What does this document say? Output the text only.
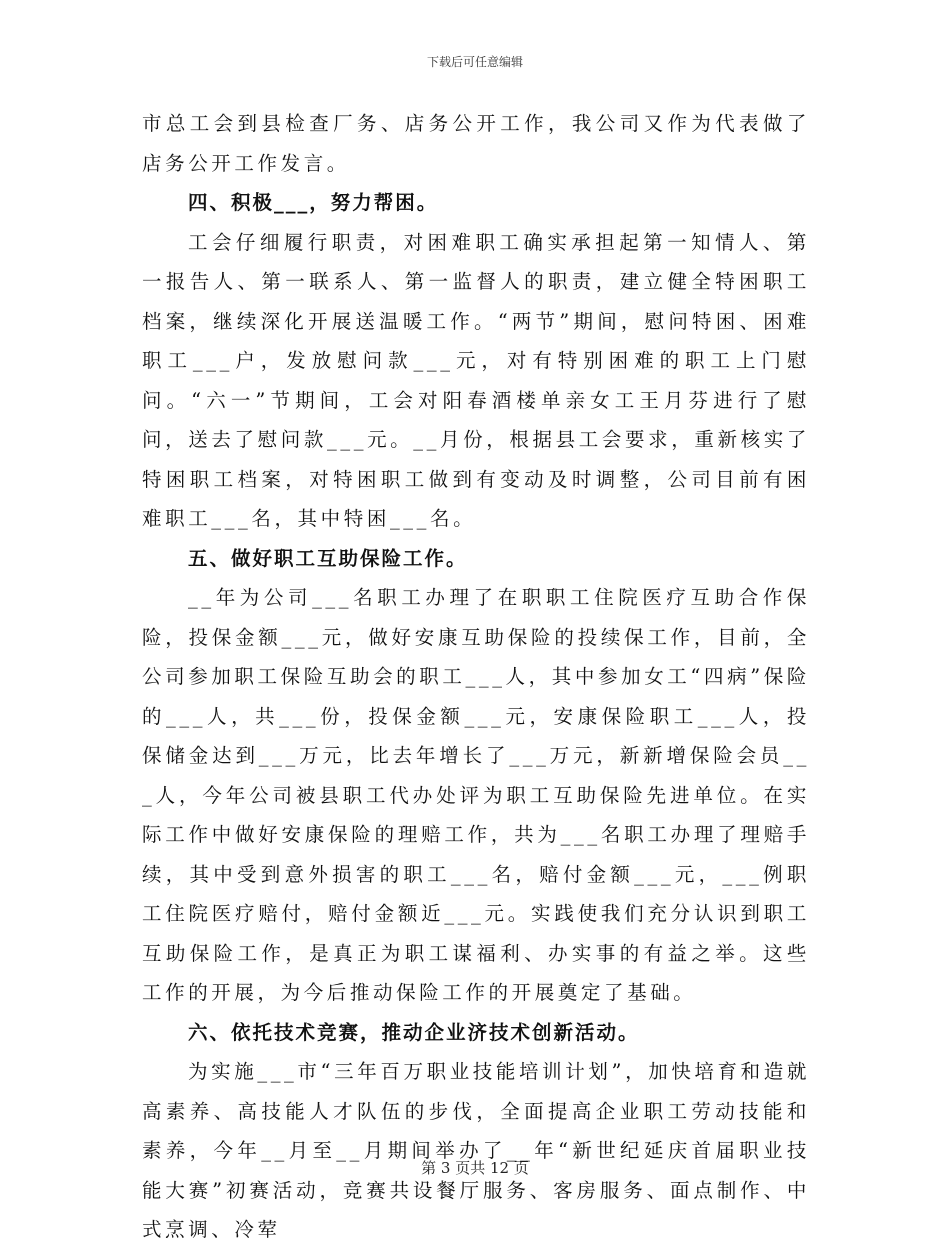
下载后可任意编辑

市总工会到县检查厂务、店务公开工作，我公司又作为代表做了店务公开工作发言。

四、积极___，努力帮困。

工会仔细履行职责，对困难职工确实承担起第一知情人、第一报告人、第一联系人、第一监督人的职责，建立健全特困职工档案，继续深化开展送温暖工作。“两节”期间，慰问特困、困难职工___户，发放慰问款___元，对有特别困难的职工上门慰问。“六一”节期间，工会对阳春酒楼单亲女工王月芬进行了慰问，送去了慰问款___元。__月份，根据县工会要求，重新核实了特困职工档案，对特困职工做到有变动及时调整，公司目前有困难职工___名，其中特困___名。

五、做好职工互助保险工作。

__年为公司___名职工办理了在职职工住院医疗互助合作保险，投保金额___元，做好安康互助保险的投续保工作，目前，全公司参加职工保险互助会的职工___人，其中参加女工“四病”保险的___人，共___份，投保金额___元，安康保险职工___人，投保储金达到___万元，比去年增长了___万元，新新增保险会员___人，今年公司被县职工代办处评为职工互助保险先进单位。在实际工作中做好安康保险的理赔工作，共为___名职工办理了理赔手续，其中受到意外损害的职工___名，赔付金额___元，___例职工住院医疗赔付，赔付金额近___元。实践使我们充分认识到职工互助保险工作，是真正为职工谋福利、办实事的有益之举。这些工作的开展，为今后推动保险工作的开展奠定了基础。

六、依托技术竞赛，推动企业济技术创新活动。

为实施___市“三年百万职业技能培训计划”，加快培育和造就高素养、高技能人才队伍的步伐，全面提高企业职工劳动技能和素养，今年__月至__月期间举办了__年“新世纪延庆首届职业技能大赛”初赛活动，竞赛共设餐厅服务、客房服务、面点制作、中式烹调、冷荤

第 3 页共 12 页
